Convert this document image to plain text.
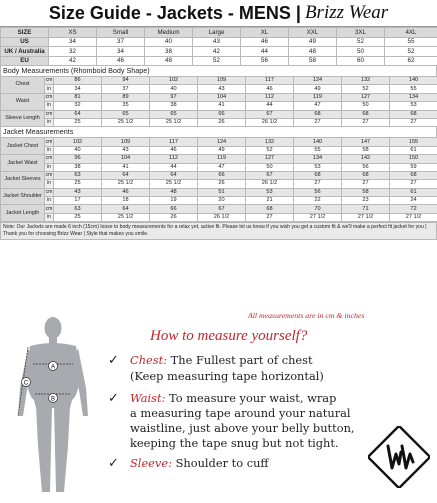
Size Guide - Jackets - MENS | Brizz Wear
SIZE	XS	Small	Medium	Large	XL	XXL	3XL	4XL
US	34	37	40	43	46	49	52	55
UK / Australia	32	34	38	42	44	48	50	52
EU	42	46	48	52	56	58	60	62
Body Measurements (Rhomboid Body Shape)
Chest	cm	86	94	102	109	117	124	132	140
	in	34	37	40	43	46	49	52	55
Waist	cm	81	89	97	104	112	119	127	134
	in	32	35	38	41	44	47	50	53
Sleeve Length	cm	64	65	65	66	67	68	68	68
	in	25	25 1/2	25 1/2	26	26 1/2	27	27	27
Jacket Measurements
Jacket Chest	cm	102	109	117	124	132	140	147	155
	in	40	43	46	49	52	55	58	61
Jacket Waist	cm	96	104	112	119	127	134	142	150
	in	38	41	44	47	50	53	56	59
Jacket Sleeves	cm	63	64	64	66	67	68	68	68
	in	25	25 1/2	25 1/2	26	26 1/2	27	27	27
Jacket Shoulder	cm	43	46	48	51	53	56	58	61
	in	17	18	19	20	21	22	23	24
Jacket Length	cm	63	64	66	67	68	70	71	72
	in	25	25 1/2	26	26 1/2	27	27 1/2	27 1/2	27 1/2
Note: Our Jackets are made 6 inch (15cm) loose to body measurements for a relax yet, active fit. Please let us know if you wish you get a custom fit & we'll make a perfect fit jacket for you | Thank you for choosing Brizz Wear | Style that makes you smile.
All measurements are in cm & inches
A
B
C
How to measure yourself?
✓ Chest: The Fullest part of chest
(Keep measuring tape horizontal)
✓ Waist: To measure your waist, wrap
a measuring tape around your natural
waistline, just above your belly button,
keeping the tape snug but not tight.
✓ Sleeve: Shoulder to cuff
